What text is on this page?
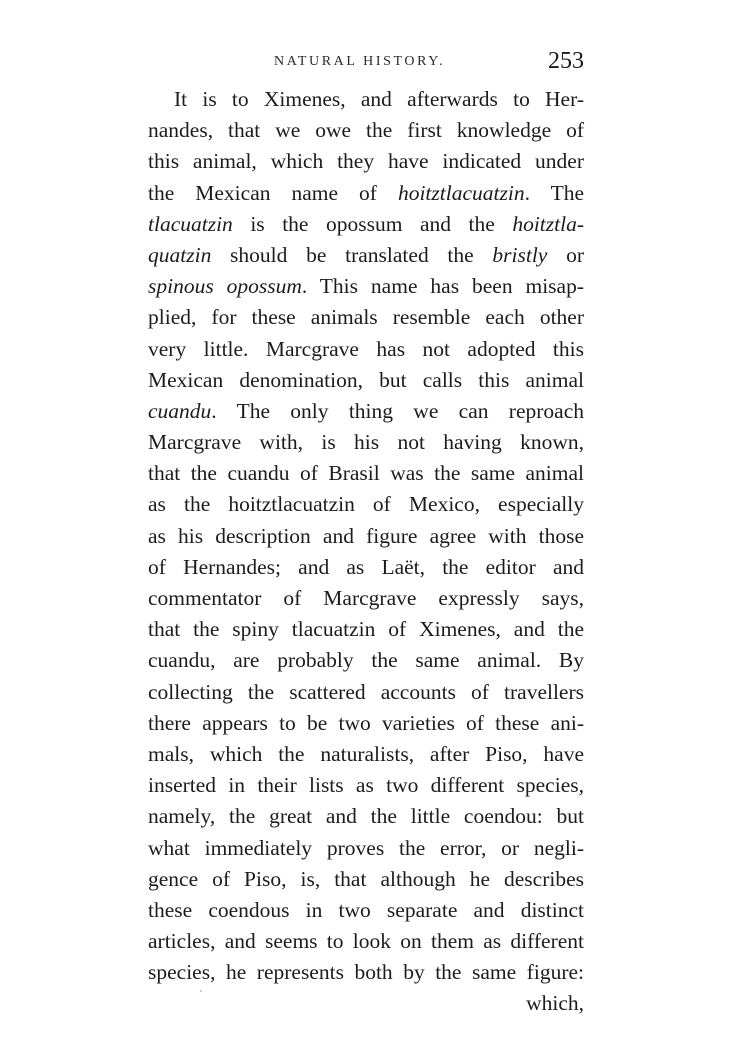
NATURAL HISTORY.	253
It is to Ximenes, and afterwards to Her-
nandes, that we owe the first knowledge of
this animal, which they have indicated under
the Mexican name of hoitztlacuatzin. The
tlacuatzin is the opossum and the hoitztla-
quatzin should be translated the bristly or
spinous opossum. This name has been misap-
plied, for these animals resemble each other
very little. Marcgrave has not adopted this
Mexican denomination, but calls this animal
cuandu. The only thing we can reproach
Marcgrave with, is his not having known,
that the cuandu of Brasil was the same animal
as the hoitztlacuatzin of Mexico, especially
as his description and figure agree with those
of Hernandes; and as Laët, the editor and
commentator of Marcgrave expressly says,
that the spiny tlacuatzin of Ximenes, and the
cuandu, are probably the same animal. By
collecting the scattered accounts of travellers
there appears to be two varieties of these ani-
mals, which the naturalists, after Piso, have
inserted in their lists as two different species,
namely, the great and the little coendou: but
what immediately proves the error, or negli-
gence of Piso, is, that although he describes
these coendous in two separate and distinct
articles, and seems to look on them as different
species, he represents both by the same figure:
which,
